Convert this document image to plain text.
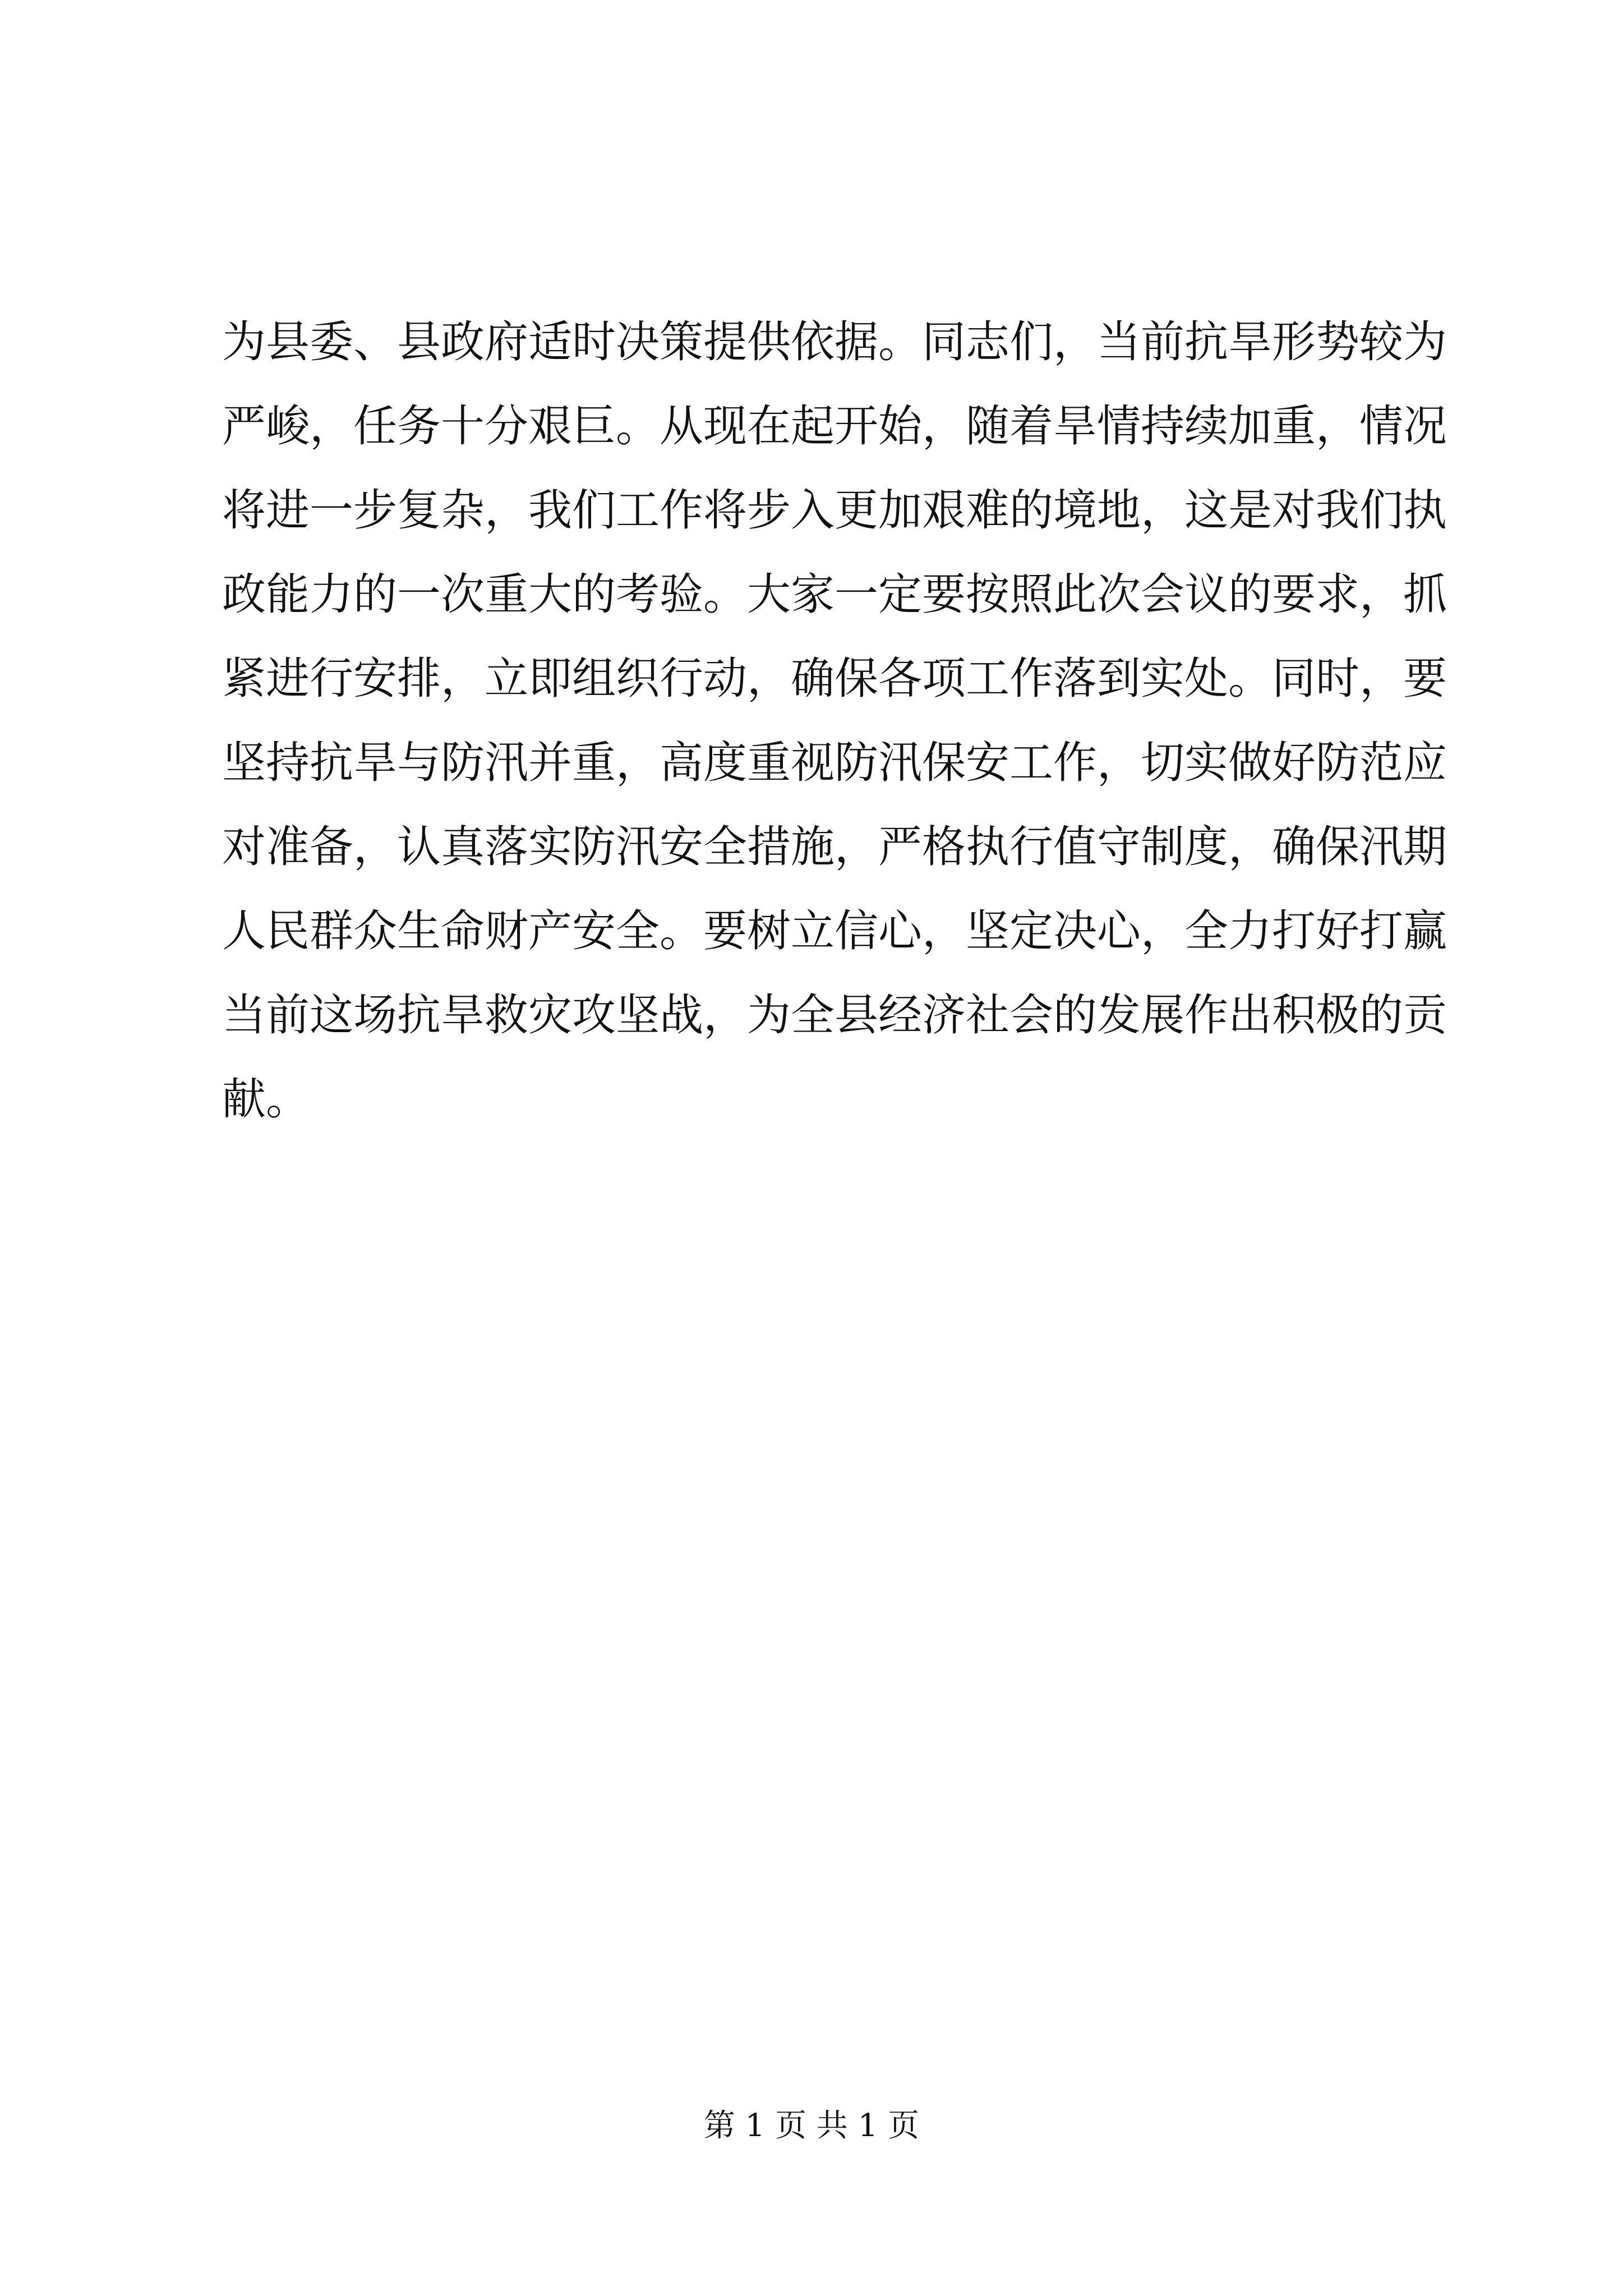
为县委、县政府适时决策提供依据。同志们，当前抗旱形势较为
严峻，任务十分艰巨。从现在起开始，随着旱情持续加重，情况
将进一步复杂，我们工作将步入更加艰难的境地，这是对我们执
政能力的一次重大的考验。大家一定要按照此次会议的要求，抓
紧进行安排，立即组织行动，确保各项工作落到实处。同时，要
坚持抗旱与防汛并重，高度重视防汛保安工作，切实做好防范应
对准备，认真落实防汛安全措施，严格执行值守制度，确保汛期
人民群众生命财产安全。要树立信心，坚定决心，全力打好打赢
当前这场抗旱救灾攻坚战，为全县经济社会的发展作出积极的贡
献。
第 1 页 共 1 页
